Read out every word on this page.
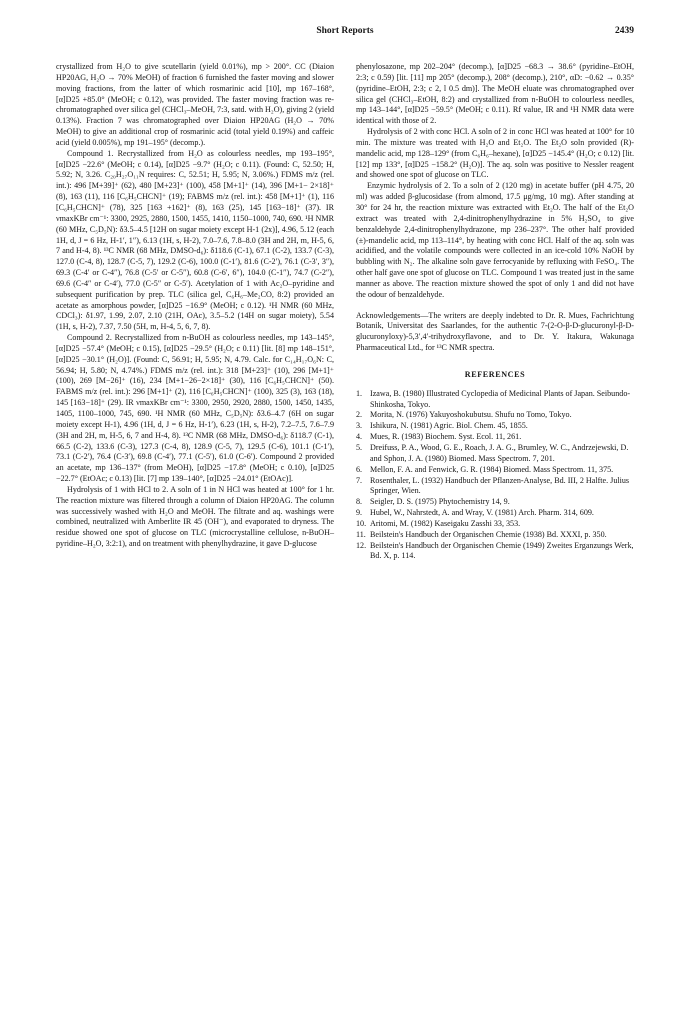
Short Reports	2439

crystallized from H₂O to give scutellarin (yield 0.01%), mp > 200°. CC (Diaion HP20AG, H₂O → 70% MeOH) of fraction 6 furnished the faster moving and slower moving fractions, from the latter of which rosmarinic acid [10], mp 167–168°, [α]D25 +85.0° (MeOH; c 0.12), was provided. The faster moving fraction was re-chromatographed over silica gel (CHCl₃–MeOH, 7:3, satd. with H₂O), giving 2 (yield 0.13%). Fraction 7 was chromatographed over Diaion HP20AG (H₂O → 70% MeOH) to give an additional crop of rosmarinic acid (total yield 0.19%) and caffeic acid (yield 0.005%), mp 191–195° (decomp.).

Compound 1. Recrystallized from H₂O as colourless needles, mp 193–195°, [α]D25 −22.6° (MeOH; c 0.14), [α]D25 −9.7° (H₂O; c 0.11). (Found: C, 52.50; H, 5.92; N, 3.26. C₂₀H₂₇O₁₁N requires: C, 52.51; H, 5.95; N, 3.06%.) FDMS m/z (rel. int.): 496 [M+39]⁺ (62), 480 [M+23]⁺ (100), 458 [M+1]⁺ (14), 396 [M+1− 2×18]⁺ (8), 163 (11), 116 [C₆H₅CHCN]⁺ (19); FABMS m/z (rel. int.): 458 [M+1]⁺ (1), 116 [C₆H₅CHCN]⁺ (78), 325 [163 +162]⁺ (8), 163 (25), 145 [163−18]⁺ (37). IR νmaxKBr cm⁻¹: 3300, 2925, 2880, 1500, 1455, 1410, 1150–1000, 740, 690. ¹H NMR (60 MHz, C₅D₅N): δ3.5–4.5 [12H on sugar moiety except H-1 (2x)], 4.96, 5.12 (each 1H, d, J = 6 Hz, H-1′, 1″), 6.13 (1H, s, H-2), 7.0–7.6, 7.8–8.0 (3H and 2H, m, H-5, 6, 7 and H-4, 8). ¹³C NMR (68 MHz, DMSO-d₆): δ118.6 (C-1), 67.1 (C-2), 133.7 (C-3), 127.0 (C-4, 8), 128.7 (C-5, 7), 129.2 (C-6), 100.0 (C-1′), 81.6 (C-2′), 76.1 (C-3′, 3″), 69.3 (C-4′ or C-4″), 76.8 (C-5′ or C-5″), 60.8 (C-6′, 6″), 104.0 (C-1″), 74.7 (C-2″), 69.6 (C-4″ or C-4′), 77.0 (C-5″ or C-5′). Acetylation of 1 with Ac₂O–pyridine and subsequent purification by prep. TLC (silica gel, C₆H₆–Me₂CO, 8:2) provided an acetate as amorphous powder, [α]D25 −16.9° (MeOH; c 0.12). ¹H NMR (60 MHz, CDCl₃): δ1.97, 1.99, 2.07, 2.10 (21H, OAc), 3.5–5.2 (14H on sugar moiety), 5.54 (1H, s, H-2), 7.37, 7.50 (5H, m, H-4, 5, 6, 7, 8).

Compound 2. Recrystallized from n-BuOH as colourless needles, mp 143–145°, [α]D25 −57.4° (MeOH; c 0.15), [α]D25 −29.5° (H₂O; c 0.11) [lit. [8] mp 148–151°, [α]D25 −30.1° (H₂O)]. (Found: C, 56.91; H, 5.95; N, 4.79. Calc. for C₁₄H₁₇O₆N: C, 56.94; H, 5.80; N, 4.74%.) FDMS m/z (rel. int.): 318 [M+23]⁺ (10), 296 [M+1]⁺ (100), 269 [M−26]⁺ (16), 234 [M+1−26−2×18]⁺ (30), 116 [C₆H₅CHCN]⁺ (50). FABMS m/z (rel. int.): 296 [M+1]⁺ (2), 116 [C₆H₅CHCN]⁺ (100), 325 (3), 163 (18), 145 [163−18]⁺ (29). IR νmaxKBr cm⁻¹: 3300, 2950, 2920, 2880, 1500, 1450, 1435, 1405, 1100–1000, 745, 690. ¹H NMR (60 MHz, C₅D₅N): δ3.6–4.7 (6H on sugar moiety except H-1), 4.96 (1H, d, J = 6 Hz, H-1′), 6.23 (1H, s, H-2), 7.2–7.5, 7.6–7.9 (3H and 2H, m, H-5, 6, 7 and H-4, 8). ¹³C NMR (68 MHz, DMSO-d₆): δ118.7 (C-1), 66.5 (C-2), 133.6 (C-3), 127.3 (C-4, 8), 128.9 (C-5, 7), 129.5 (C-6), 101.1 (C-1′), 73.1 (C-2′), 76.4 (C-3′), 69.8 (C-4′), 77.1 (C-5′), 61.0 (C-6′). Compound 2 provided an acetate, mp 136–137° (from MeOH), [α]D25 −17.8° (MeOH; c 0.10), [α]D25 −22.7° (EtOAc; c 0.13) [lit. [7] mp 139–140°, [α]D25 −24.01° (EtOAc)].

Hydrolysis of 1 with HCl to 2. A soln of 1 in N HCl was heated at 100° for 1 hr. The reaction mixture was filtered through a column of Diaion HP20AG. The column was successively washed with H₂O and MeOH. The filtrate and aq. washings were combined, neutralized with Amberlite IR 45 (OH⁻), and evaporated to dryness. The residue showed one spot of glucose on TLC (microcrystalline cellulose, n-BuOH–pyridine–H₂O, 3:2:1), and on treatment with phenylhydrazine, it gave D-glucose

phenylosazone, mp 202–204° (decomp.), [α]D25 −68.3 → 38.6° (pyridine–EtOH, 2:3; c 0.59) [lit. [11] mp 205° (decomp.), 208° (decomp.), 210°, αD: −0.62 → 0.35° (pyridine–EtOH, 2:3; c 2, l 0.5 dm)]. The MeOH eluate was chromatographed over silica gel (CHCl₃–EtOH, 8:2) and crystallized from n-BuOH to colourless needles, mp 143–144°, [α]D25 −59.5° (MeOH; c 0.11). Rf value, IR and ¹H NMR data were identical with those of 2.

Hydrolysis of 2 with conc HCl. A soln of 2 in conc HCl was heated at 100° for 10 min. The mixture was treated with H₂O and Et₂O. The Et₂O soln provided (R)-mandelic acid, mp 128–129° (from C₆H₆–hexane), [α]D25 −145.4° (H₂O; c 0.12) [lit. [12] mp 133°, [α]D25 −158.2° (H₂O)]. The aq. soln was positive to Nessler reagent and showed one spot of glucose on TLC.

Enzymic hydrolysis of 2. To a soln of 2 (120 mg) in acetate buffer (pH 4.75, 20 ml) was added β-glucosidase (from almond, 17.5 μg/mg, 10 mg). After standing at 30° for 24 hr, the reaction mixture was extracted with Et₂O. The half of the Et₂O extract was treated with 2,4-dinitrophenylhydrazine in 5% H₂SO₄ to give benzaldehyde 2,4-dinitrophenylhydrazone, mp 236–237°. The other half provided (±)-mandelic acid, mp 113–114°, by heating with conc HCl. Half of the aq. soln was acidified, and the volatile compounds were collected in an ice-cold 10% NaOH by bubbling with N₂. The alkaline soln gave ferrocyanide by refluxing with FeSO₄. The other half gave one spot of glucose on TLC. Compound 1 was treated just in the same manner as above. The reaction mixture showed the spot of only 1 and did not have the odour of benzaldehyde.

Acknowledgements—The writers are deeply indebted to Dr. R. Mues, Fachrichtung Botanik, Universitat des Saarlandes, for the authentic 7-(2-O-β-D-glucuronyl-β-D-glucuronyloxy)-5,3′,4′-trihydroxyflavone, and to Dr. Y. Itakura, Wakunaga Pharmaceutical Ltd., for ¹³C NMR spectra.

REFERENCES
1. Izawa, B. (1980) Illustrated Cyclopedia of Medicinal Plants of Japan. Seibundo-Shinkosha, Tokyo.
2. Morita, N. (1976) Yakuyoshokubutsu. Shufu no Tomo, Tokyo.
3. Ishikura, N. (1981) Agric. Biol. Chem. 45, 1855.
4. Mues, R. (1983) Biochem. Syst. Ecol. 11, 261.
5. Dreifuss, P. A., Wood, G. E., Roach, J. A. G., Brumley, W. C., Andrzejewski, D. and Sphon, J. A. (1980) Biomed. Mass Spectrom. 7, 201.
6. Mellon, F. A. and Fenwick, G. R. (1984) Biomed. Mass Spectrom. 11, 375.
7. Rosenthaler, L. (1932) Handbuch der Pflanzen-Analyse, Bd. III, 2 Halfte. Julius Springer, Wien.
8. Seigler, D. S. (1975) Phytochemistry 14, 9.
9. Hubel, W., Nahrstedt, A. and Wray, V. (1981) Arch. Pharm. 314, 609.
10. Aritomi, M. (1982) Kaseigaku Zasshi 33, 353.
11. Beilstein's Handbuch der Organischen Chemie (1938) Bd. XXXI, p. 350.
12. Beilstein's Handbuch der Organischen Chemie (1949) Zweites Erganzungs Werk, Bd. X, p. 114.
